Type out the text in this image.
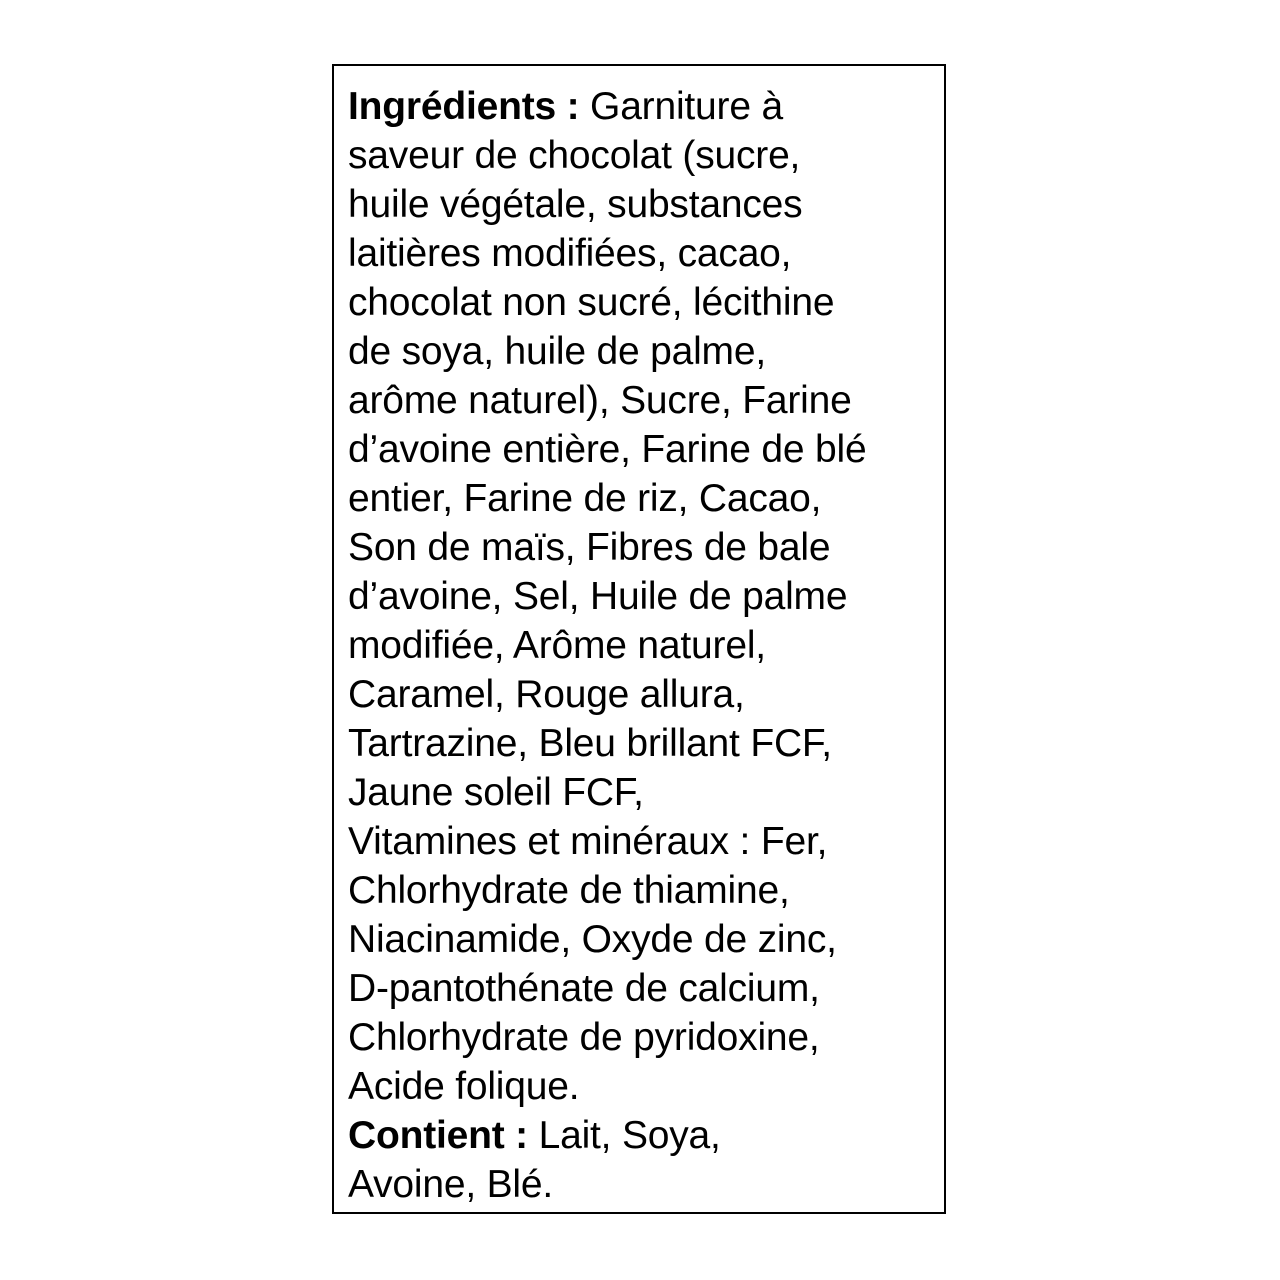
Ingrédients : Garniture à
saveur de chocolat (sucre,
huile végétale, substances
laitières modifiées, cacao,
chocolat non sucré, lécithine
de soya, huile de palme,
arôme naturel), Sucre, Farine
d’avoine entière, Farine de blé
entier, Farine de riz, Cacao,
Son de maïs, Fibres de bale
d’avoine, Sel, Huile de palme
modifiée, Arôme naturel,
Caramel, Rouge allura,
Tartrazine, Bleu brillant FCF,
Jaune soleil FCF,
Vitamines et minéraux : Fer,
Chlorhydrate de thiamine,
Niacinamide, Oxyde de zinc,
D-pantothénate de calcium,
Chlorhydrate de pyridoxine,
Acide folique.
Contient : Lait, Soya,
Avoine, Blé.
